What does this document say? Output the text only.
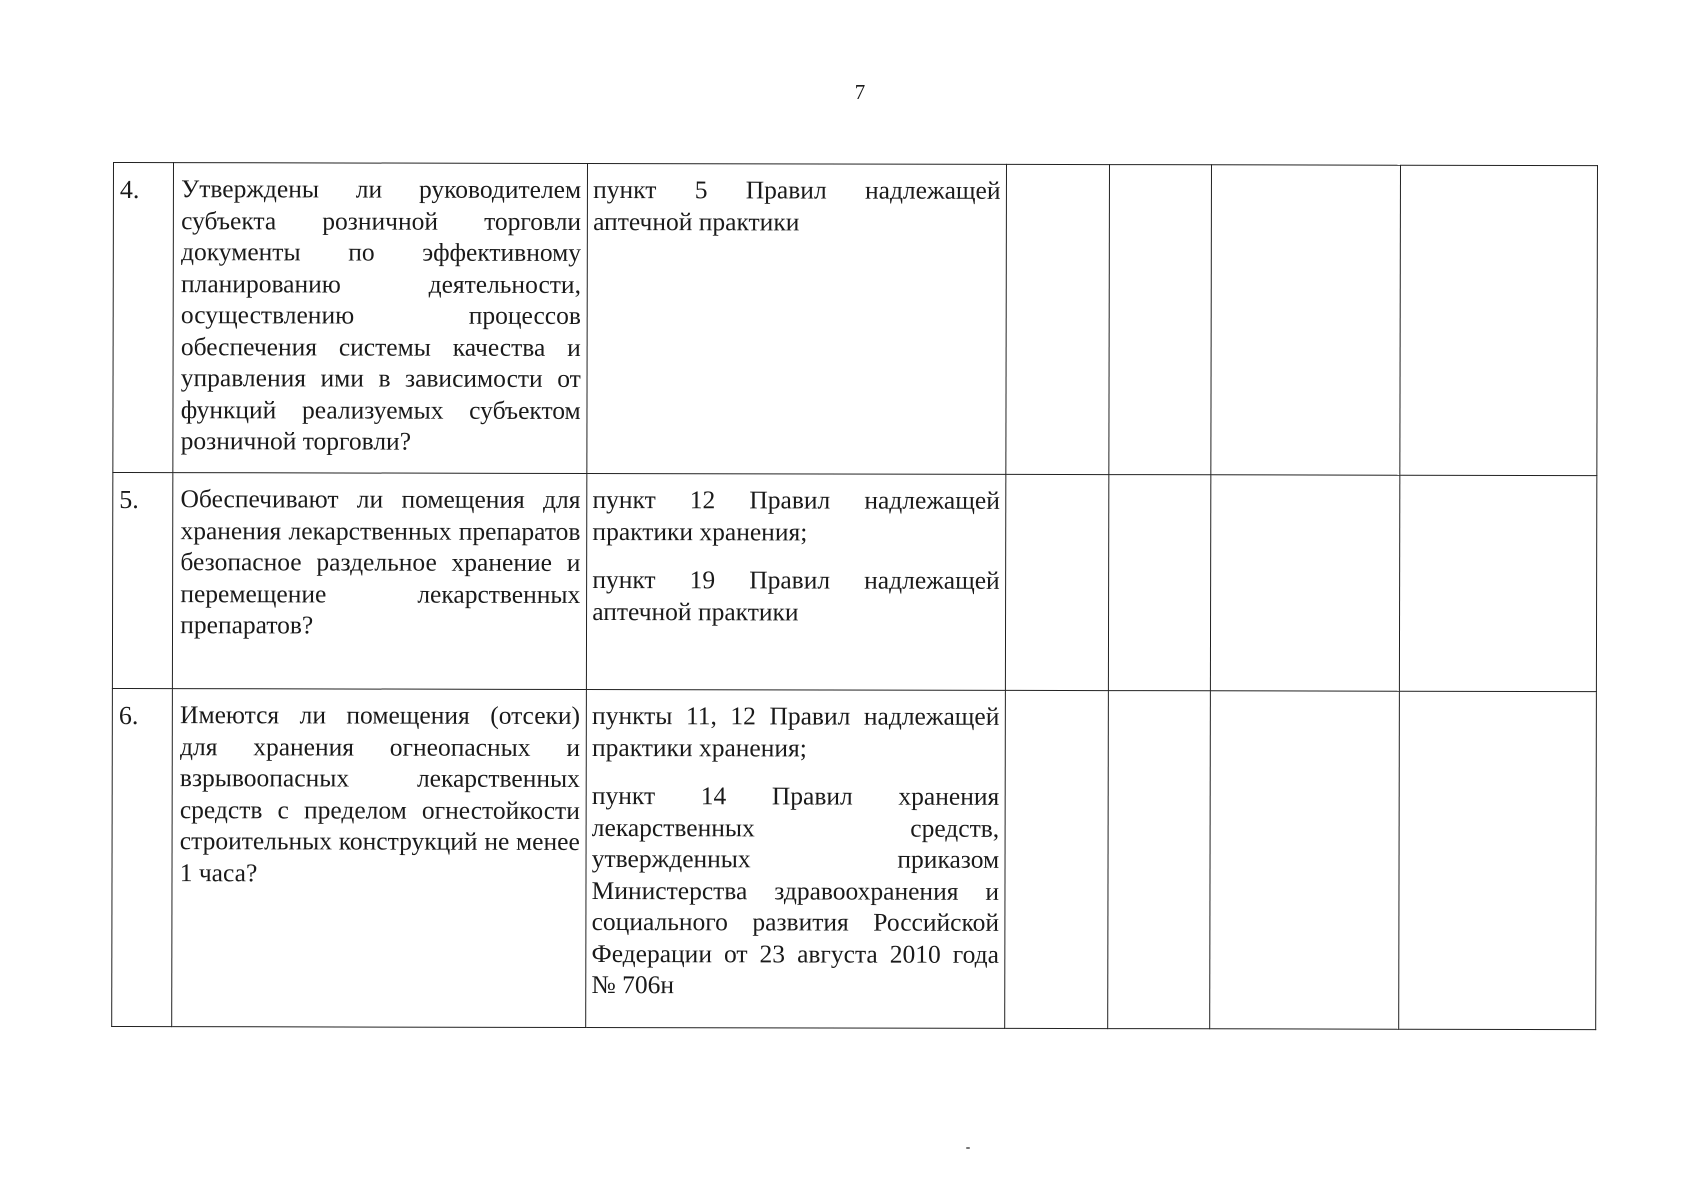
7
4.	Утверждены ли руководителем субъекта розничной торговли документы по эффективному планированию деятельности, осуществлению процессов обеспечения системы качества и управления ими в зависимости от функций реализуемых субъектом розничной торговли?	пункт 5 Правил надлежащей аптечной практики				

5.	Обеспечивают ли помещения для хранения лекарственных препаратов безопасное раздельное хранение и перемещение лекарственных препаратов?	пункт 12 Правил надлежащей практики хранения;

пункт 19 Правил надлежащей аптечной практики				

6.	Имеются ли помещения (отсеки) для хранения огнеопасных и взрывоопасных лекарственных средств с пределом огнестойкости строительных конструкций не менее 1 часа?	пункты 11, 12 Правил надлежащей практики хранения;

пункт 14 Правил хранения лекарственных средств, утвержденных приказом Министерства здравоохранения и социального развития Российской Федерации от 23 августа 2010 года № 706н				
